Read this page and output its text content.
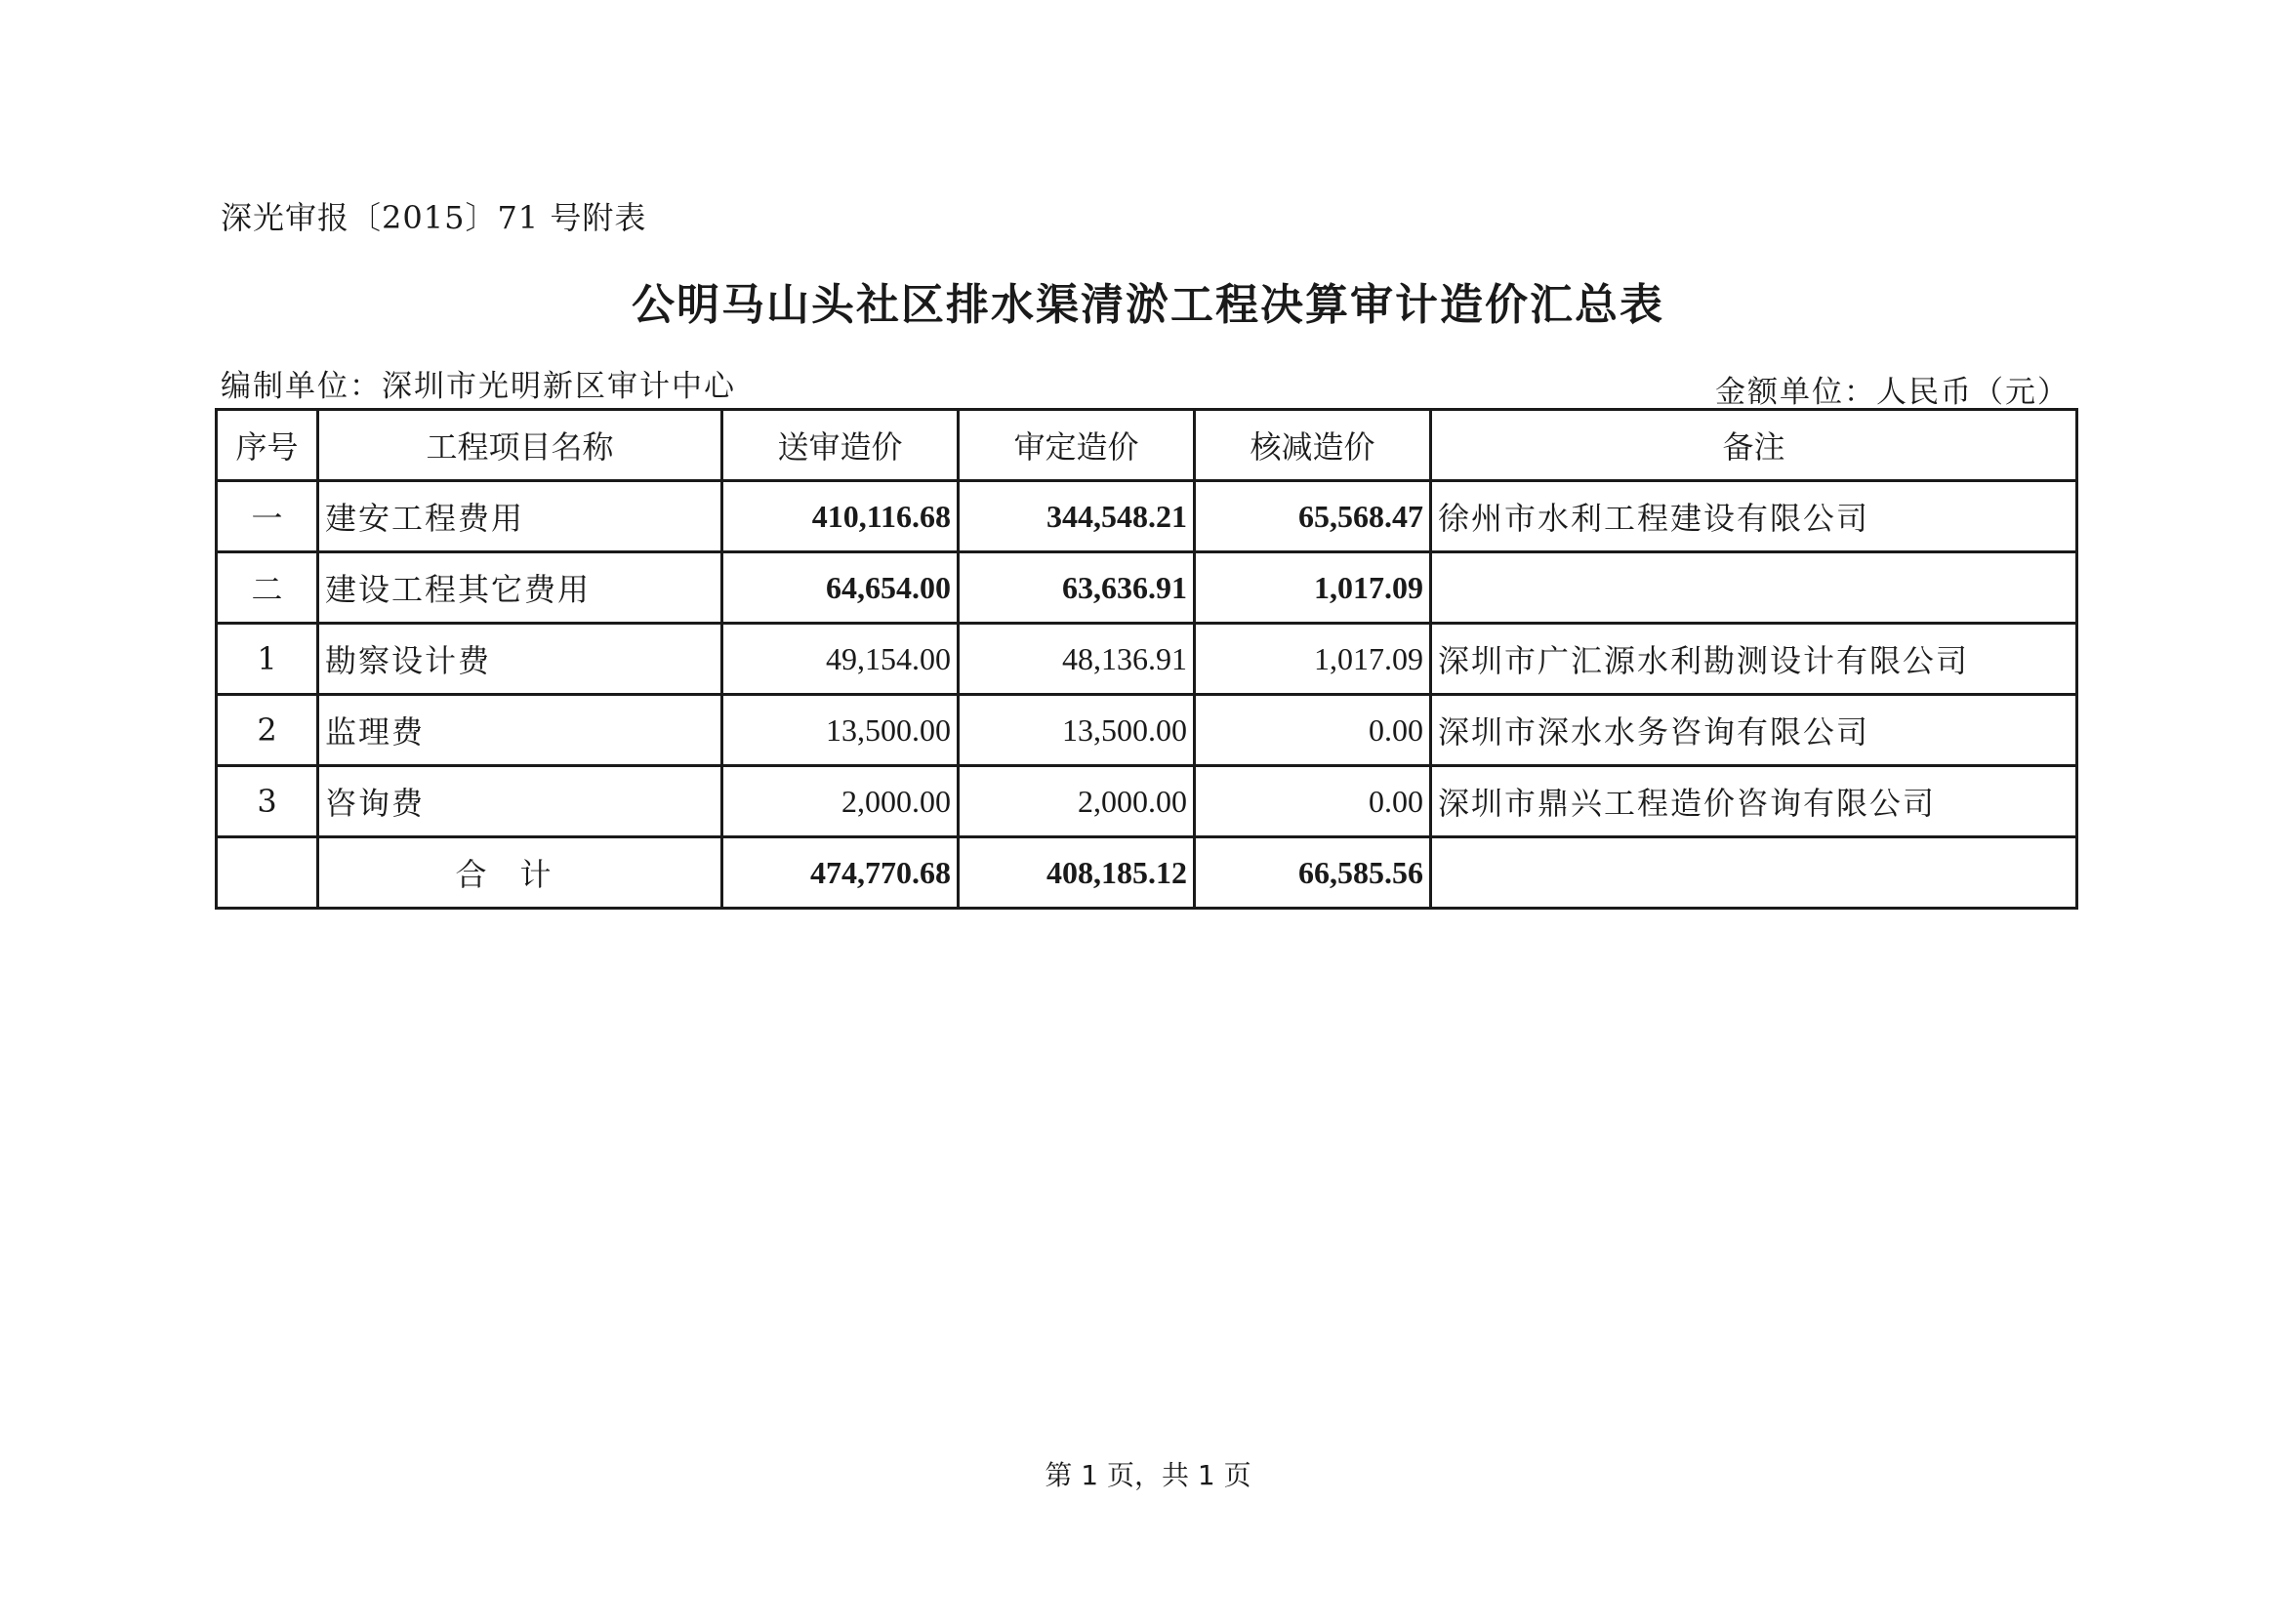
深光审报〔2015〕71 号附表
公明马山头社区排水渠清淤工程决算审计造价汇总表
编制单位：深圳市光明新区审计中心	金额单位：人民币（元）
序号	工程项目名称	送审造价	审定造价	核减造价	备注
一	建安工程费用	410,116.68	344,548.21	65,568.47	徐州市水利工程建设有限公司
二	建设工程其它费用	64,654.00	63,636.91	1,017.09	
1	勘察设计费	49,154.00	48,136.91	1,017.09	深圳市广汇源水利勘测设计有限公司
2	监理费	13,500.00	13,500.00	0.00	深圳市深水水务咨询有限公司
3	咨询费	2,000.00	2,000.00	0.00	深圳市鼎兴工程造价咨询有限公司
	合计	474,770.68	408,185.12	66,585.56	
第 1 页，共 1 页
